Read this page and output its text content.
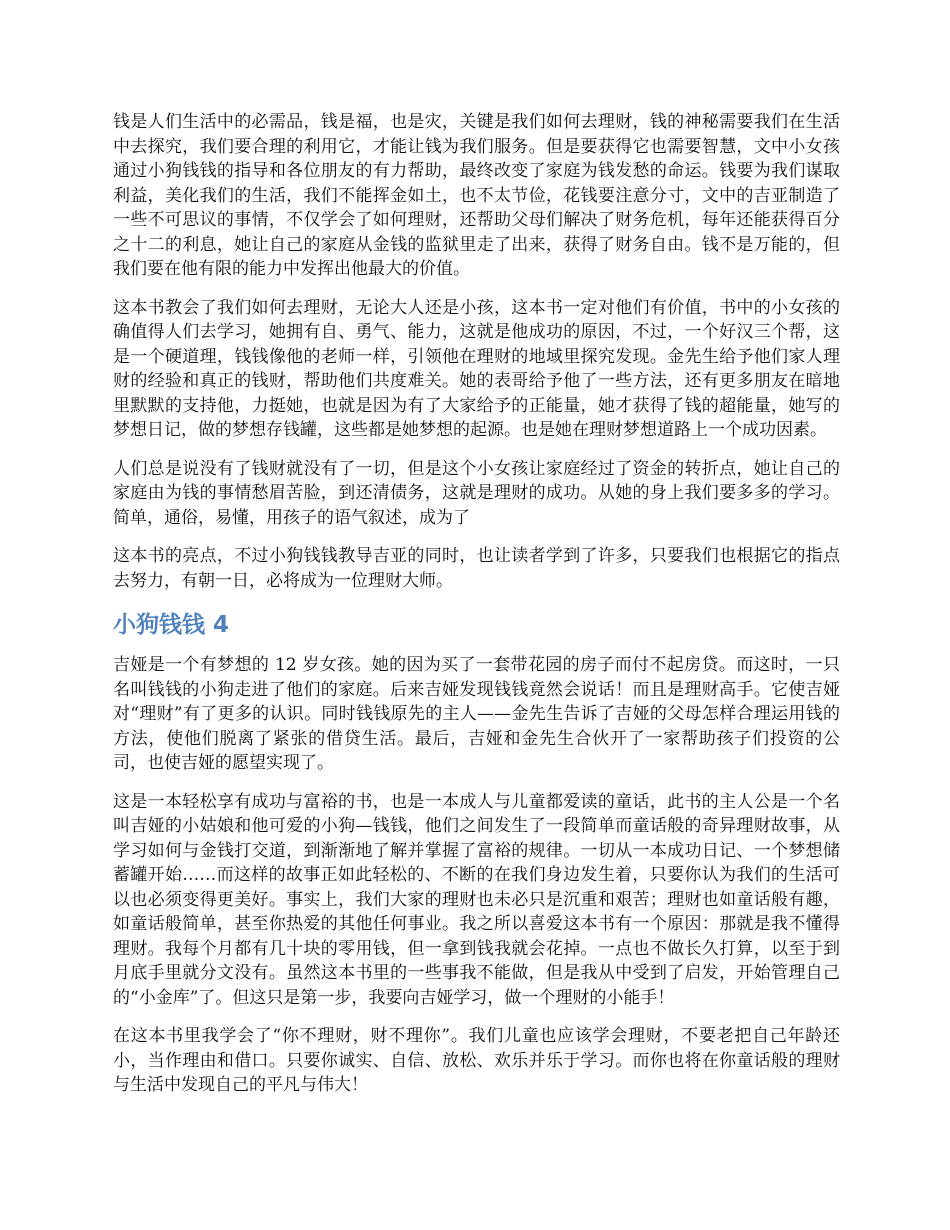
钱是人们生活中的必需品，钱是福，也是灾，关键是我们如何去理财，钱的神秘需要我们在生活中去探究，我们要合理的利用它，才能让钱为我们服务。但是要获得它也需要智慧，文中小女孩通过小狗钱钱的指导和各位朋友的有力帮助，最终改变了家庭为钱发愁的命运。钱要为我们谋取利益，美化我们的生活，我们不能挥金如土，也不太节俭，花钱要注意分寸，文中的吉亚制造了一些不可思议的事情，不仅学会了如何理财，还帮助父母们解决了财务危机，每年还能获得百分之十二的利息，她让自己的家庭从金钱的监狱里走了出来，获得了财务自由。钱不是万能的，但我们要在他有限的能力中发挥出他最大的价值。

这本书教会了我们如何去理财，无论大人还是小孩，这本书一定对他们有价值，书中的小女孩的确值得人们去学习，她拥有自、勇气、能力，这就是他成功的原因，不过，一个好汉三个帮，这是一个硬道理，钱钱像他的老师一样，引领他在理财的地域里探究发现。金先生给予他们家人理财的经验和真正的钱财，帮助他们共度难关。她的表哥给予他了一些方法，还有更多朋友在暗地里默默的支持他，力挺她，也就是因为有了大家给予的正能量，她才获得了钱的超能量，她写的梦想日记，做的梦想存钱罐，这些都是她梦想的起源。也是她在理财梦想道路上一个成功因素。

人们总是说没有了钱财就没有了一切，但是这个小女孩让家庭经过了资金的转折点，她让自己的家庭由为钱的事情愁眉苦脸，到还清债务，这就是理财的成功。从她的身上我们要多多的学习。简单，通俗，易懂，用孩子的语气叙述，成为了

这本书的亮点，不过小狗钱钱教导吉亚的同时，也让读者学到了许多，只要我们也根据它的指点去努力，有朝一日，必将成为一位理财大师。

小狗钱钱 4

吉娅是一个有梦想的 12 岁女孩。她的因为买了一套带花园的房子而付不起房贷。而这时，一只名叫钱钱的小狗走进了他们的家庭。后来吉娅发现钱钱竟然会说话！而且是理财高手。它使吉娅对“理财”有了更多的认识。同时钱钱原先的主人——金先生告诉了吉娅的父母怎样合理运用钱的方法，使他们脱离了紧张的借贷生活。最后，吉娅和金先生合伙开了一家帮助孩子们投资的公司，也使吉娅的愿望实现了。

这是一本轻松享有成功与富裕的书，也是一本成人与儿童都爱读的童话，此书的主人公是一个名叫吉娅的小姑娘和他可爱的小狗—钱钱，他们之间发生了一段简单而童话般的奇异理财故事，从学习如何与金钱打交道，到渐渐地了解并掌握了富裕的规律。一切从一本成功日记、一个梦想储蓄罐开始……而这样的故事正如此轻松的、不断的在我们身边发生着，只要你认为我们的生活可以也必须变得更美好。事实上，我们大家的理财也未必只是沉重和艰苦；理财也如童话般有趣，如童话般简单，甚至你热爱的其他任何事业。我之所以喜爱这本书有一个原因：那就是我不懂得理财。我每个月都有几十块的零用钱，但一拿到钱我就会花掉。一点也不做长久打算，以至于到月底手里就分文没有。虽然这本书里的一些事我不能做，但是我从中受到了启发，开始管理自己的“小金库”了。但这只是第一步，我要向吉娅学习，做一个理财的小能手！

在这本书里我学会了“你不理财，财不理你”。我们儿童也应该学会理财，不要老把自己年龄还小，当作理由和借口。只要你诚实、自信、放松、欢乐并乐于学习。而你也将在你童话般的理财与生活中发现自己的平凡与伟大！
